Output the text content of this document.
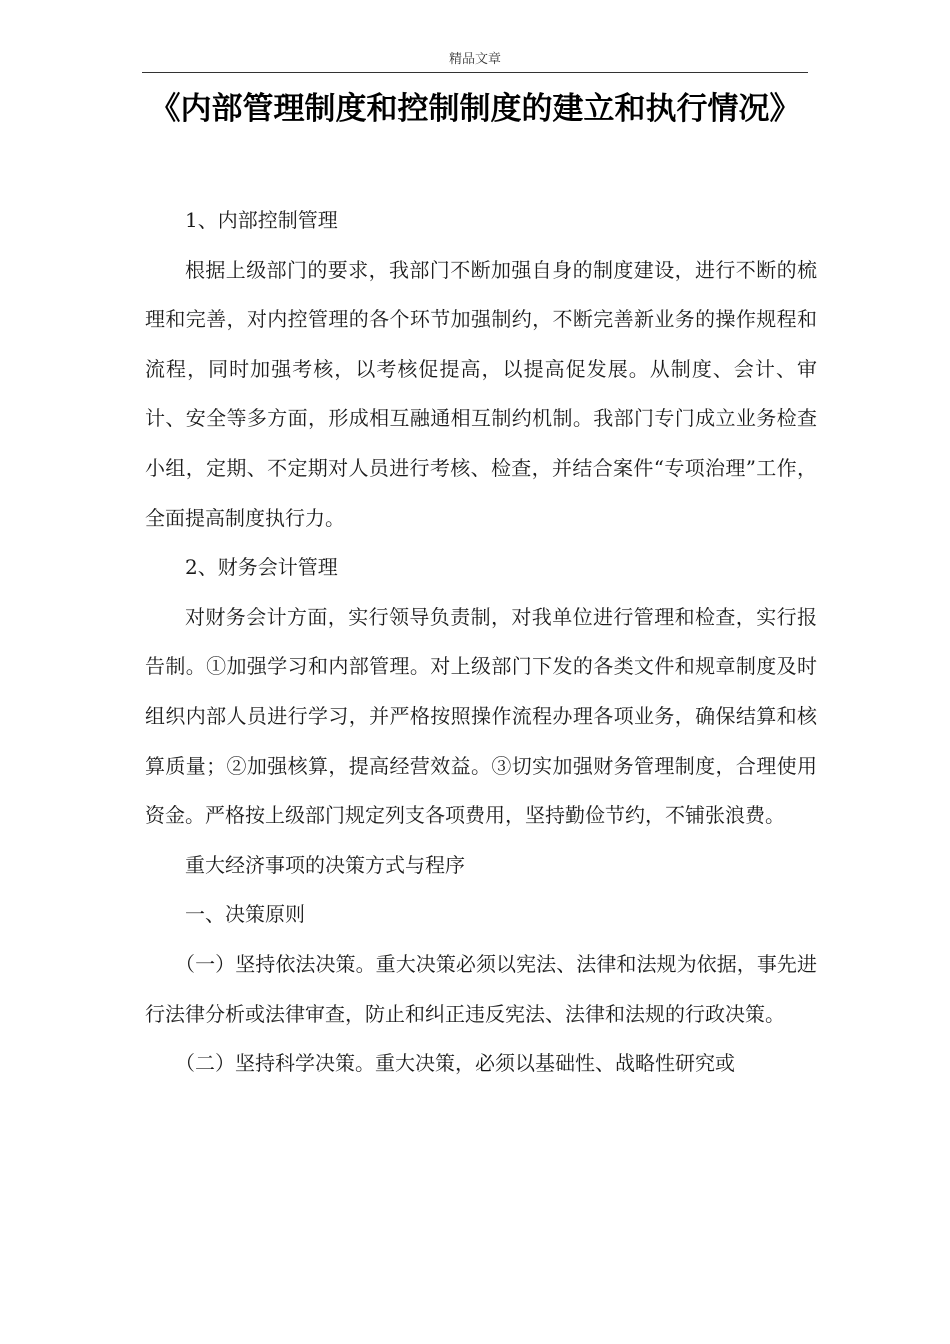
精品文章
《内部管理制度和控制制度的建立和执行情况》

1、内部控制管理

根据上级部门的要求，我部门不断加强自身的制度建设，进行不断的梳理和完善，对内控管理的各个环节加强制约，不断完善新业务的操作规程和流程，同时加强考核，以考核促提高，以提高促发展。从制度、会计、审计、安全等多方面，形成相互融通相互制约机制。我部门专门成立业务检查小组，定期、不定期对人员进行考核、检查，并结合案件“专项治理”工作，全面提高制度执行力。

2、财务会计管理

对财务会计方面，实行领导负责制，对我单位进行管理和检查，实行报告制。①加强学习和内部管理。对上级部门下发的各类文件和规章制度及时组织内部人员进行学习，并严格按照操作流程办理各项业务，确保结算和核算质量；②加强核算，提高经营效益。③切实加强财务管理制度，合理使用资金。严格按上级部门规定列支各项费用，坚持勤俭节约，不铺张浪费。

重大经济事项的决策方式与程序

一、决策原则

（一）坚持依法决策。重大决策必须以宪法、法律和法规为依据，事先进行法律分析或法律审查，防止和纠正违反宪法、法律和法规的行政决策。

（二）坚持科学决策。重大决策，必须以基础性、战略性研究或
